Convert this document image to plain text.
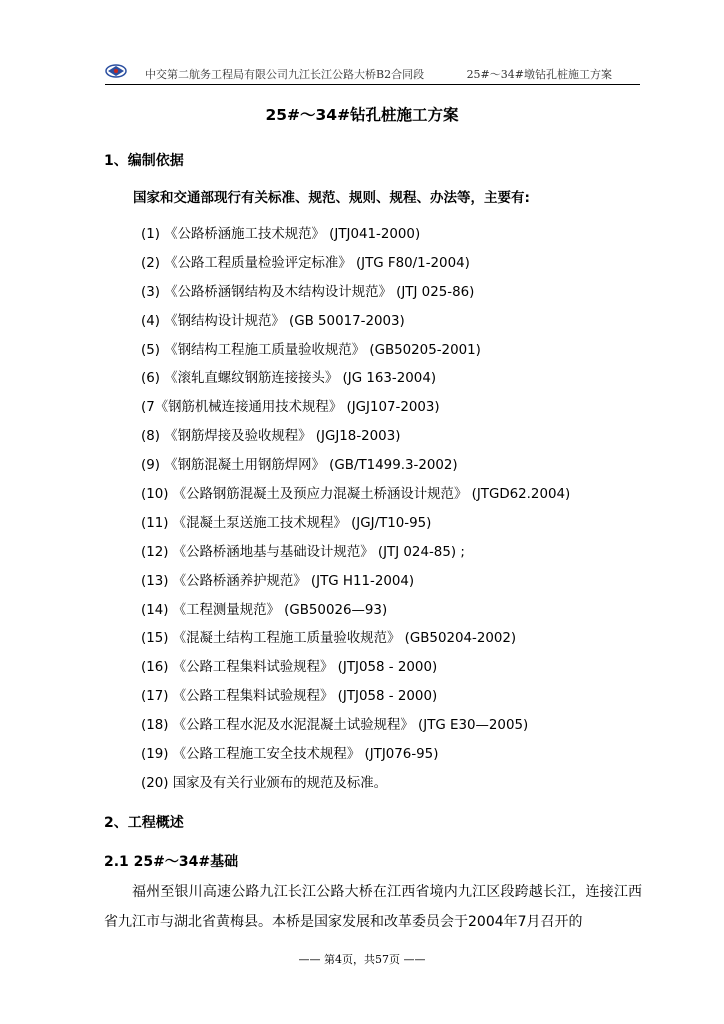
中交第二航务工程局有限公司九江长江公路大桥B2合同段	25#～34#墩钻孔桩施工方案
25#～34#钻孔桩施工方案
1、编制依据
国家和交通部现行有关标准、规范、规则、规程、办法等，主要有:
(1) 《公路桥涵施工技术规范》 (JTJ041-2000)
(2) 《公路工程质量检验评定标准》 (JTG F80/1-2004)
(3) 《公路桥涵钢结构及木结构设计规范》 (JTJ 025-86)
(4) 《钢结构设计规范》 (GB 50017-2003)
(5) 《钢结构工程施工质量验收规范》 (GB50205-2001)
(6) 《滚轧直螺纹钢筋连接接头》 (JG 163-2004)
(7《钢筋机械连接通用技术规程》 (JGJ107-2003)
(8) 《钢筋焊接及验收规程》 (JGJ18-2003)
(9) 《钢筋混凝土用钢筋焊网》 (GB/T1499.3-2002)
(10) 《公路钢筋混凝土及预应力混凝土桥涵设计规范》 (JTGD62.2004)
(11) 《混凝土泵送施工技术规程》 (JGJ/T10-95)
(12) 《公路桥涵地基与基础设计规范》 (JTJ 024-85) ;
(13) 《公路桥涵养护规范》 (JTG H11-2004)
(14) 《工程测量规范》 (GB50026—93)
(15) 《混凝土结构工程施工质量验收规范》 (GB50204-2002)
(16) 《公路工程集料试验规程》 (JTJ058 - 2000)
(17) 《公路工程集料试验规程》 (JTJ058 - 2000)
(18) 《公路工程水泥及水泥混凝土试验规程》 (JTG E30—2005)
(19) 《公路工程施工安全技术规程》 (JTJ076-95)
(20) 国家及有关行业颁布的规范及标准。
2、工程概述
2.1 25#～34#基础

福州至银川高速公路九江长江公路大桥在江西省境内九江区段跨越长江，连接江西省九江市与湖北省黄梅县。本桥是国家发展和改革委员会于2004年7月召开的

—— 第4页，共57页 ——
